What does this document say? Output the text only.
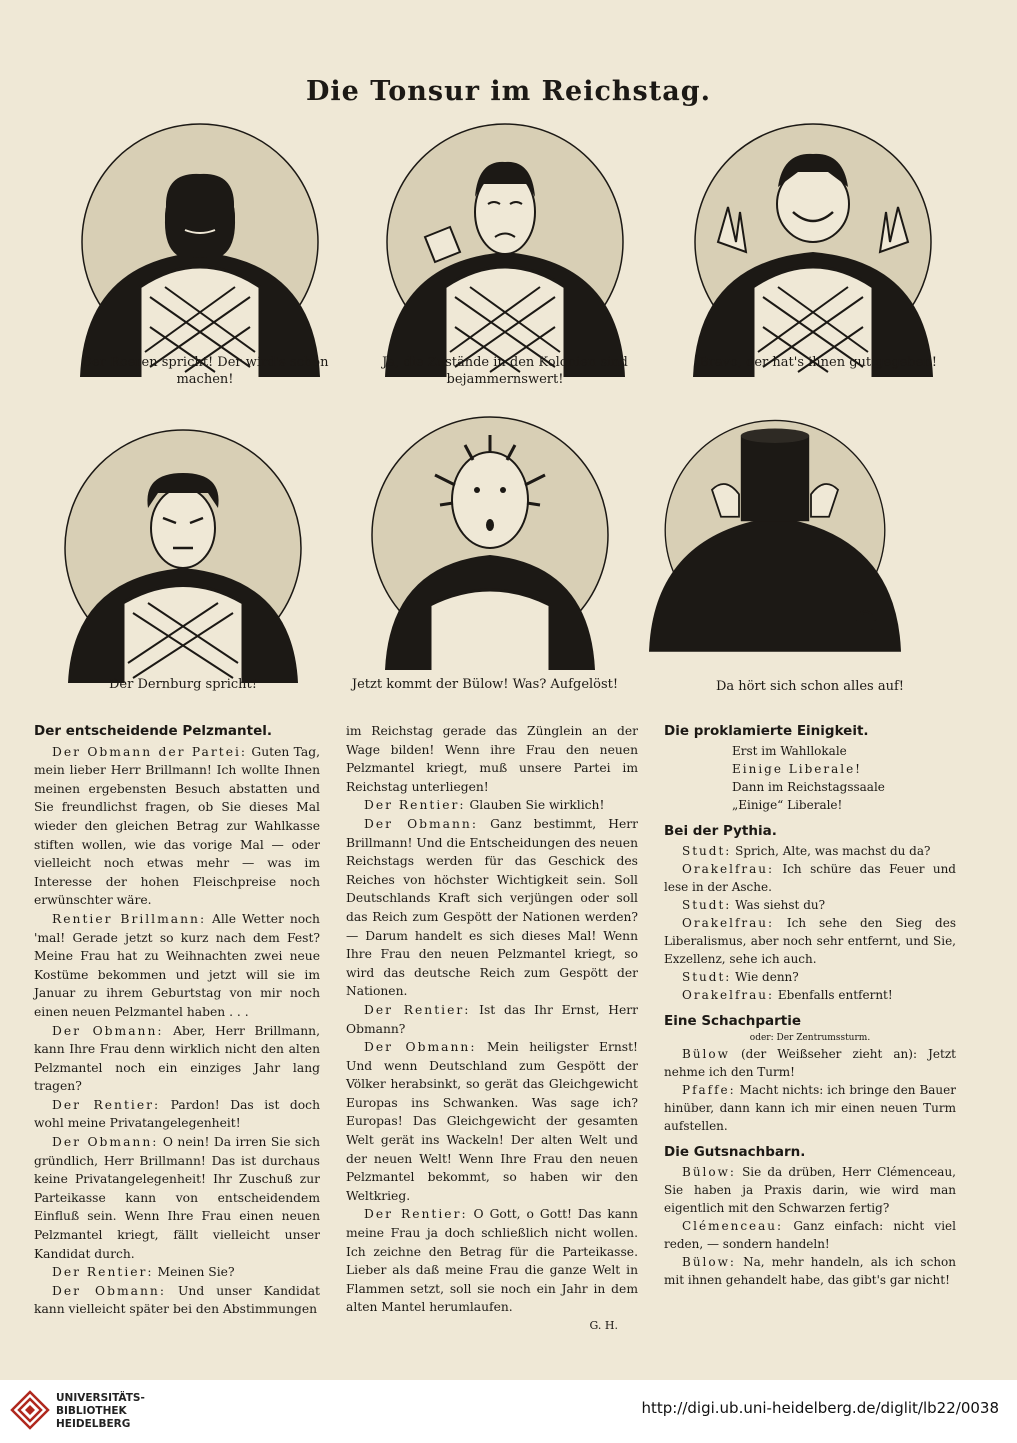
Die Tonsur im Reichstag.
Der Roeren spricht! Der wird's schon machen!
Ja, die Zustände in den Kolonien sind bejammernswert!
Bravo, der hat's ihnen gut gegeben!
Der Dernburg spricht!	Jetzt kommt der Bülow! Was? Aufgelöst!	Da hört sich schon alles auf!
Der entscheidende Pelzmantel.

Der Obmann der Partei: Guten Tag, mein lieber Herr Brillmann! Ich wollte Ihnen meinen ergebensten Besuch abstatten und Sie freundlichst fragen, ob Sie dieses Mal wieder den gleichen Betrag zur Wahlkasse stiften wollen, wie das vorige Mal — oder vielleicht noch etwas mehr — was im Interesse der hohen Fleischpreise noch erwünschter wäre.

Rentier Brillmann: Alle Wetter noch 'mal! Gerade jetzt so kurz nach dem Fest? Meine Frau hat zu Weihnachten zwei neue Kostüme bekommen und jetzt will sie im Januar zu ihrem Geburtstag von mir noch einen neuen Pelzmantel haben . . .

Der Obmann: Aber, Herr Brillmann, kann Ihre Frau denn wirklich nicht den alten Pelzmantel noch ein einziges Jahr lang tragen?

Der Rentier: Pardon! Das ist doch wohl meine Privatangelegenheit!

Der Obmann: O nein! Da irren Sie sich gründlich, Herr Brillmann! Das ist durchaus keine Privatangelegenheit! Ihr Zuschuß zur Parteikasse kann von entscheidendem Einfluß sein. Wenn Ihre Frau einen neuen Pelzmantel kriegt, fällt vielleicht unser Kandidat durch.

Der Rentier: Meinen Sie?

Der Obmann: Und unser Kandidat kann vielleicht später bei den Abstimmungen

im Reichstag gerade das Zünglein an der Wage bilden! Wenn ihre Frau den neuen Pelzmantel kriegt, muß unsere Partei im Reichstag unterliegen!

Der Rentier: Glauben Sie wirklich!

Der Obmann: Ganz bestimmt, Herr Brillmann! Und die Entscheidungen des neuen Reichstags werden für das Geschick des Reiches von höchster Wichtigkeit sein. Soll Deutschlands Kraft sich verjüngen oder soll das Reich zum Gespött der Nationen werden? — Darum handelt es sich dieses Mal! Wenn Ihre Frau den neuen Pelzmantel kriegt, so wird das deutsche Reich zum Gespött der Nationen.

Der Rentier: Ist das Ihr Ernst, Herr Obmann?

Der Obmann: Mein heiligster Ernst! Und wenn Deutschland zum Gespött der Völker herabsinkt, so gerät das Gleichgewicht Europas ins Schwanken. Was sage ich? Europas! Das Gleichgewicht der gesamten Welt gerät ins Wackeln! Der alten Welt und der neuen Welt! Wenn Ihre Frau den neuen Pelzmantel bekommt, so haben wir den Weltkrieg.

Der Rentier: O Gott, o Gott! Das kann meine Frau ja doch schließlich nicht wollen. Ich zeichne den Betrag für die Parteikasse. Lieber als daß meine Frau die ganze Welt in Flammen setzt, soll sie noch ein Jahr in dem alten Mantel herumlaufen.

G. H.

Die proklamierte Einigkeit.

Erst im Wahllokale

Einige Liberale!

Dann im Reichstagssaale

„Einige“ Liberale!

Bei der Pythia.

Studt: Sprich, Alte, was machst du da?

Orakelfrau: Ich schüre das Feuer und lese in der Asche.

Studt: Was siehst du?

Orakelfrau: Ich sehe den Sieg des Liberalismus, aber noch sehr entfernt, und Sie, Exzellenz, sehe ich auch.

Studt: Wie denn?

Orakelfrau: Ebenfalls entfernt!

Eine Schachpartie

oder: Der Zentrumssturm.

Bülow (der Weißseher zieht an): Jetzt nehme ich den Turm!

Pfaffe: Macht nichts: ich bringe den Bauer hinüber, dann kann ich mir einen neuen Turm aufstellen.

Die Gutsnachbarn.

Bülow: Sie da drüben, Herr Clémenceau, Sie haben ja Praxis darin, wie wird man eigentlich mit den Schwarzen fertig?

Clémenceau: Ganz einfach: nicht viel reden, — sondern handeln!

Bülow: Na, mehr handeln, als ich schon mit ihnen gehandelt habe, das gibt's gar nicht!

UNIVERSITÄTS-
BIBLIOTHEK
HEIDELBERG
http://digi.ub.uni-heidelberg.de/diglit/lb22/0038
